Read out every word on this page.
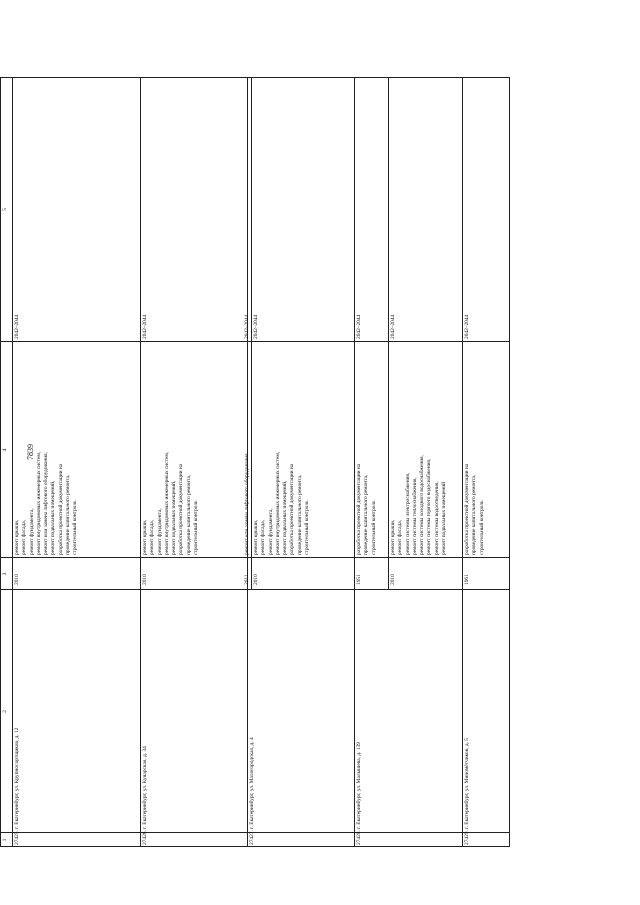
7839
1
2
3
4
5
27425.
г. Екатеринбург, ул. Крупносортщиков, д. 12
2010
ремонт крыши, ремонт фасада, ремонт фундамента, ремонт внутридомовых инженерных систем, ремонт или замена лифтового оборудования, ремонт подвальных помещений, разработка проектной документации на проведение капитального ремонта, строительный контроль
2042–2044
27426.
г. Екатеринбург, ул. Кунарская, д. 34
2010
ремонт крыши, ремонт фасада, ремонт фундамента, ремонт внутридомовых инженерных систем, ремонт подвальных помещений, разработка проектной документации на проведение капитального ремонта, строительный контроль
2042–2044
27427.
г. Екатеринбург, ул. Малогородская, д. 4
2011
ремонт или замена лифтового оборудования
2042–2044
2010
ремонт крыши, ремонт фасада, ремонт фундамента, ремонт внутридомовых инженерных систем, ремонт подвальных помещений, разработка проектной документации на проведение капитального ремонта, строительный контроль
2042–2044
27428.
г. Екатеринбург, ул. Малышева, д. 139
1951
разработка проектной документации на проведение капитального ремонта, строительный контроль
2042–2044
2010
ремонт крыши, ремонт фасада, ремонт системы электроснабжения, ремонт системы теплоснабжения, ремонт системы холодного водоснабжения, ремонт системы горячего водоснабжения, ремонт системы водоотведения, ремонт подвальных помещений
2042–2044
27429.
г. Екатеринбург, ул. Миномётчиков, д. 5
1961
разработка проектной документации на проведение капитального ремонта, строительный контроль
2042–2044
